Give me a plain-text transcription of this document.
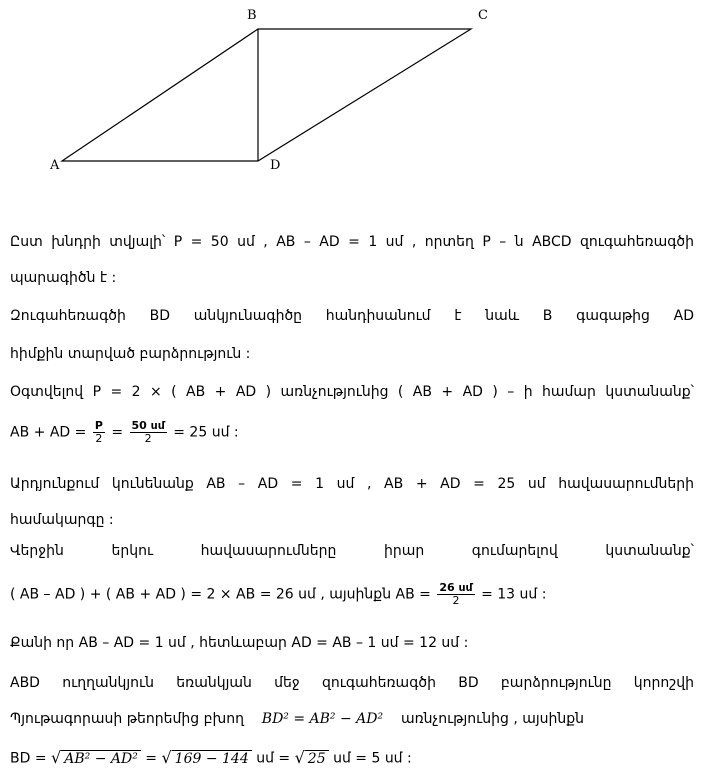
A
B	C
D
Ըստ խնդրի տվյալի՝ P = 50 սմ , AB – AD = 1 սմ , որտեղ P – ն ABCD զուգահեռագծի
պարագիծն է :
Զուգահեռագծի BD անկյունագիծը հանդիսանում է նաև B գագաթից AD
հիմքին տարված բարձրություն :
Օգտվելով P = 2 × ( AB + AD ) առնչությունից ( AB + AD ) – ի համար կստանանք՝
AB + AD = $\frac{P}{2} = \frac{\text{50 սմ}}{2} = 25$ սմ :
Արդյունքում կունենանք AB – AD = 1 սմ , AB + AD = 25 սմ հավասարումների
համակարգը :
Վերջին երկու հավասարումները իրար գումարելով կստանանք՝
( AB – AD ) + ( AB + AD ) = 2 × AB = 26 սմ , այսինքն AB = $\frac{\text{26 սմ}}{2} = 13$ սմ :
Քանի որ AB – AD = 1 սմ , հետևաբար AD = AB – 1 սմ = 12 սմ :
ABD ուղղանկյուն եռանկյան մեջ զուգահեռագծի BD բարձրությունը կորոշվի
Պյութագորասի թեորեմից բխող BD² = AB² − AD² առնչությունից , այսինքն
BD = √ AB² − AD² = √ 169 − 144 սմ = √ 25 սմ = 5 սմ :
